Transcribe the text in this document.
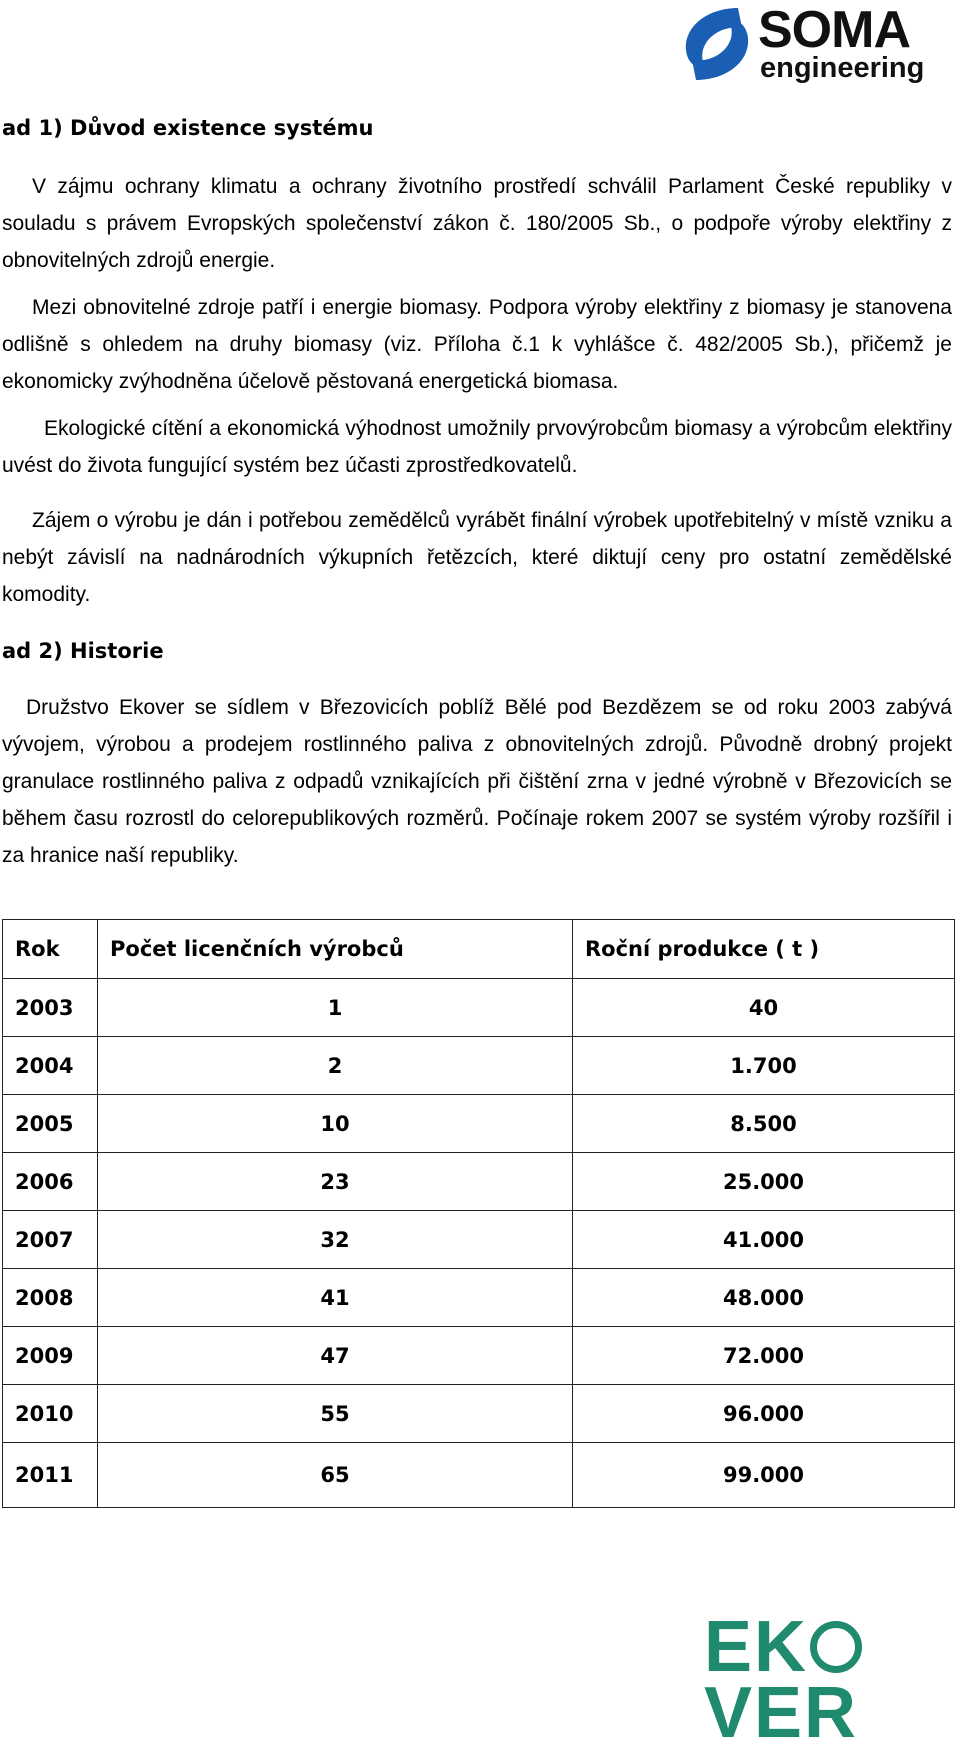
SOMA
engineering
ad 1) Důvod existence systému

V zájmu ochrany klimatu a ochrany životního prostředí schválil Parlament České republiky v souladu s právem Evropských společenství zákon č. 180/2005 Sb., o podpoře výroby elektřiny z obnovitelných zdrojů energie.

Mezi obnovitelné zdroje patří i energie biomasy. Podpora výroby elektřiny z biomasy je stanovena odlišně s ohledem na druhy biomasy (viz. Příloha č.1 k vyhlášce č. 482/2005 Sb.), přičemž je ekonomicky zvýhodněna účelově pěstovaná energetická biomasa.

Ekologické cítění a ekonomická výhodnost umožnily prvovýrobcům biomasy a výrobcům elektřiny uvést do života fungující systém bez účasti zprostředkovatelů.

Zájem o výrobu je dán i potřebou zemědělců vyrábět finální výrobek upotřebitelný v místě vzniku a nebýt závislí na nadnárodních výkupních řetězcích, které diktují ceny pro ostatní zemědělské komodity.

ad 2) Historie

Družstvo Ekover se sídlem v Březovicích poblíž Bělé pod Bezdězem se od roku 2003 zabývá vývojem, výrobou a prodejem rostlinného paliva z obnovitelných zdrojů. Původně drobný projekt granulace rostlinného paliva z odpadů vznikajících při čištění zrna v jedné výrobně v Březovicích se během času rozrostl do celorepublikových rozměrů. Počínaje rokem 2007 se systém výroby rozšířil i za hranice naší republiky.

Rok	Počet licenčních výrobců	Roční produkce ( t )
2003	1	40
2004	2	1.700
2005	10	8.500
2006	23	25.000
2007	32	41.000
2008	41	48.000
2009	47	72.000
2010	55	96.000
2011	65	99.000
EKVER
